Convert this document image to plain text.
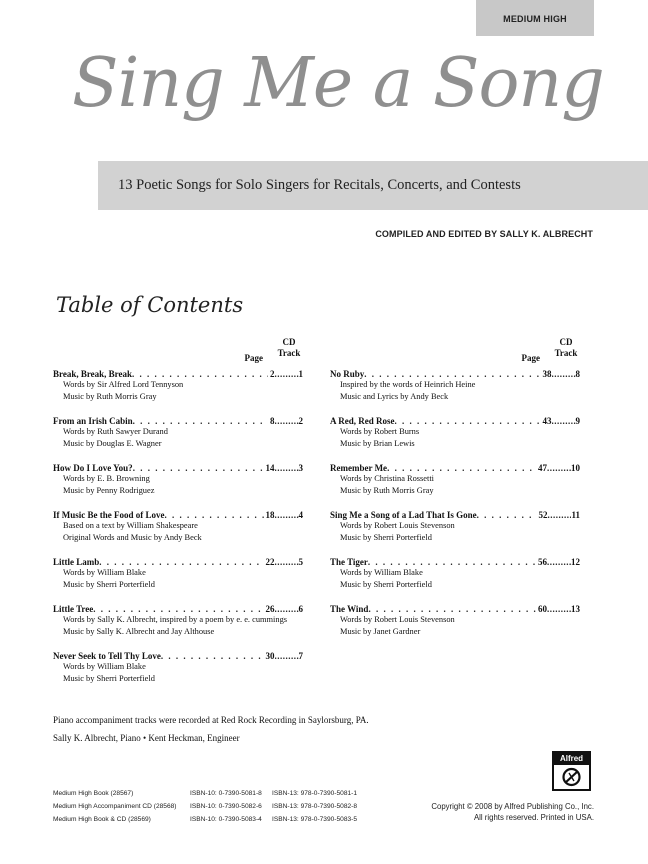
MEDIUM HIGH
Sing Me a Song
13 Poetic Songs for Solo Singers for Recitals, Concerts, and Contests
COMPILED AND EDITED BY SALLY K. ALBRECHT
Table of Contents
Page
CD
Track
Break, Break, Break . . .	2 .....	1
Words by Sir Alfred Lord Tennyson
Music by Ruth Morris Gray
From an Irish Cabin . . .	8 .....	2
Words by Ruth Sawyer Durand
Music by Douglas E. Wagner
How Do I Love You? . . .	14 .....	3
Words by E. B. Browning
Music by Penny Rodriguez
If Music Be the Food of Love . . .	18 .....	4
Based on a text by William Shakespeare
Original Words and Music by Andy Beck
Little Lamb . . .	22 .....	5
Words by William Blake
Music by Sherri Porterfield
Little Tree . . .	26 .....	6
Words by Sally K. Albrecht, inspired by a poem by e. e. cummings
Music by Sally K. Albrecht and Jay Althouse
Never Seek to Tell Thy Love . . .	30 .....	7
Words by William Blake
Music by Sherri Porterfield
Page
CD
Track
No Ruby . . .	38 .....	8
Inspired by the words of Heinrich Heine
Music and Lyrics by Andy Beck
A Red, Red Rose . . .	43 .....	9
Words by Robert Burns
Music by Brian Lewis
Remember Me . . .	47 .....	10
Words by Christina Rossetti
Music by Ruth Morris Gray
Sing Me a Song of a Lad That Is Gone . . .	52 .....	11
Words by Robert Louis Stevenson
Music by Sherri Porterfield
The Tiger . . .	56 .....	12
Words by William Blake
Music by Sherri Porterfield
The Wind . . .	60 .....	13
Words by Robert Louis Stevenson
Music by Janet Gardner
Piano accompaniment tracks were recorded at Red Rock Recording in Saylorsburg, PA.
Sally K. Albrecht, Piano • Kent Heckman, Engineer
Alfred
Medium High Book (28567)	ISBN-10: 0-7390-5081-8	ISBN-13: 978-0-7390-5081-1
Medium High Accompaniment CD (28568)	ISBN-10: 0-7390-5082-6	ISBN-13: 978-0-7390-5082-8
Medium High Book & CD (28569)	ISBN-10: 0-7390-5083-4	ISBN-13: 978-0-7390-5083-5
Copyright © 2008 by Alfred Publishing Co., Inc.
All rights reserved. Printed in USA.
